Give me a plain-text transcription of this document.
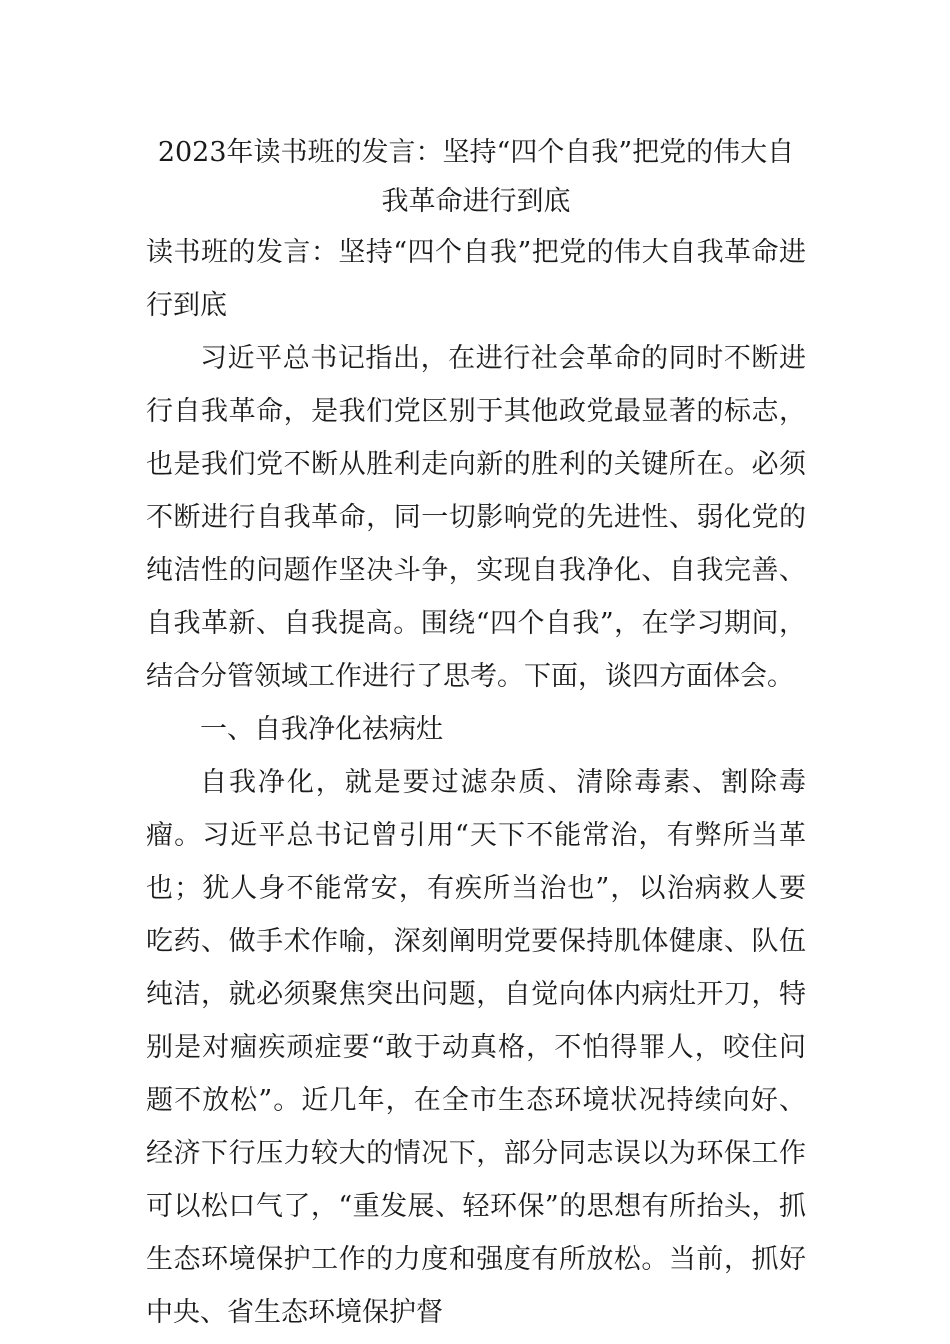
2023年读书班的发言：坚持“四个自我”把党的伟大自我革命进行到底

读书班的发言：坚持“四个自我”把党的伟大自我革命进行到底

习近平总书记指出，在进行社会革命的同时不断进行自我革命，是我们党区别于其他政党最显著的标志，也是我们党不断从胜利走向新的胜利的关键所在。必须不断进行自我革命，同一切影响党的先进性、弱化党的纯洁性的问题作坚决斗争，实现自我净化、自我完善、自我革新、自我提高。围绕“四个自我”，在学习期间，结合分管领域工作进行了思考。下面，谈四方面体会。

一、自我净化祛病灶

自我净化，就是要过滤杂质、清除毒素、割除毒瘤。习近平总书记曾引用“天下不能常治，有弊所当革也；犹人身不能常安，有疾所当治也”，以治病救人要吃药、做手术作喻，深刻阐明党要保持肌体健康、队伍纯洁，就必须聚焦突出问题，自觉向体内病灶开刀，特别是对痼疾顽症要“敢于动真格，不怕得罪人，咬住问题不放松”。近几年，在全市生态环境状况持续向好、经济下行压力较大的情况下，部分同志误以为环保工作可以松口气了，“重发展、轻环保”的思想有所抬头，抓生态环境保护工作的力度和强度有所放松。当前，抓好中央、省生态环境保护督
